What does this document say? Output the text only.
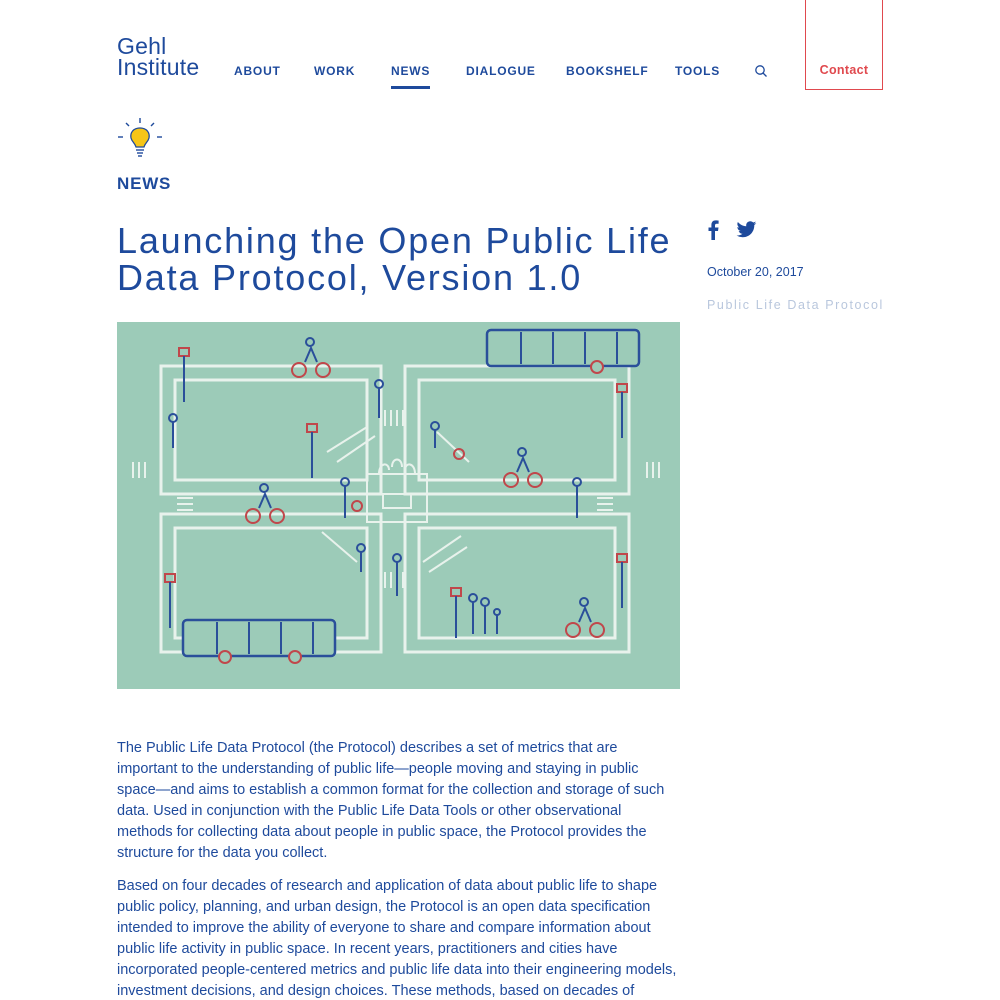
Gehl
Institute	ABOUT	WORK	NEWS	DIALOGUE	BOOKSHELF TOOLS	Contact
NEWS
Launching the Open Public Life Data Protocol, Version 1.0	October 20, 2017
Public Life Data Protocol

The Public Life Data Protocol (the Protocol) describes a set of metrics that are important to the understanding of public life—people moving and staying in public space—and aims to establish a common format for the collection and storage of such data. Used in conjunction with the Public Life Data Tools or other observational methods for collecting data about people in public space, the Protocol provides the structure for the data you collect.

Based on four decades of research and application of data about public life to shape public policy, planning, and urban design, the Protocol is an open data specification intended to improve the ability of everyone to share and compare information about public life activity in public space. In recent years, practitioners and cities have incorporated people-centered metrics and public life data into their engineering models, investment decisions, and design choices. These methods, based on decades of
